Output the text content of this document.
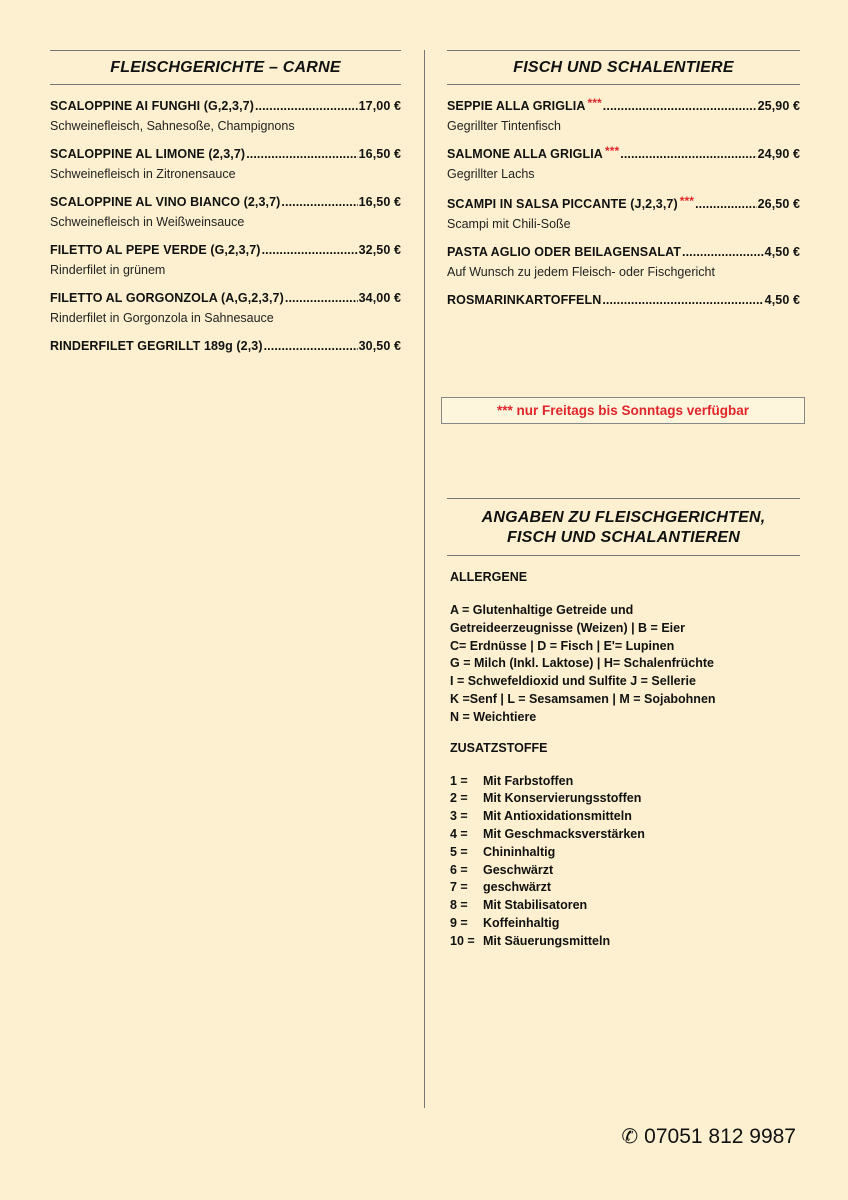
FLEISCHGERICHTE – CARNE
SCALOPPINE AI FUNGHI (G,2,3,7) .....	17,00 €
Schweinefleisch, Sahnesoße, Champignons
SCALOPPINE AL LIMONE (2,3,7) .....	16,50 €
Schweinefleisch in Zitronensauce
SCALOPPINE AL VINO BIANCO (2,3,7) .....	16,50 €
Schweinefleisch in Weißweinsauce
FILETTO AL PEPE VERDE (G,2,3,7) .....	32,50 €
Rinderfilet in grünem
FILETTO AL GORGONZOLA (A,G,2,3,7) .....	34,00 €
Rinderfilet in Gorgonzola in Sahnesauce
RINDERFILET GEGRILLT 189g (2,3) .....	30,50 €
FISCH UND SCHALENTIERE
SEPPIE ALLA GRIGLIA *** .....	25,90 €
Gegrillter Tintenfisch
SALMONE ALLA GRIGLIA *** .....	24,90 €
Gegrillter Lachs
SCAMPI IN SALSA PICCANTE (J,2,3,7) *** .....	26,50 €
Scampi mit Chili-Soße
PASTA AGLIO ODER BEILAGENSALAT .....	4,50 €
Auf Wunsch zu jedem Fleisch- oder Fischgericht
ROSMARINKARTOFFELN .....	4,50 €
*** nur Freitags bis Sonntags verfügbar
ANGABEN ZU FLEISCHGERICHTEN,
FISCH UND SCHALANTIEREN
ALLERGENE
A = Glutenhaltige Getreide und
Getreideerzeugnisse (Weizen) | B = Eier
C= Erdnüsse | D = Fisch | E'= Lupinen
G = Milch (Inkl. Laktose) | H= Schalenfrüchte
I = Schwefeldioxid und Sulfite J = Sellerie
K =Senf | L = Sesamsamen | M = Sojabohnen
N = Weichtiere
ZUSATZSTOFFE
1 =	Mit Farbstoffen
2 =	Mit Konservierungsstoffen
3 =	Mit Antioxidationsmitteln
4 =	Mit Geschmacksverstärken
5 =	Chininhaltig
6 =	Geschwärzt
7 =	geschwärzt
8 =	Mit Stabilisatoren
9 =	Koffeinhaltig
10 = Mit Säuerungsmitteln
✆ 07051 812 9987
